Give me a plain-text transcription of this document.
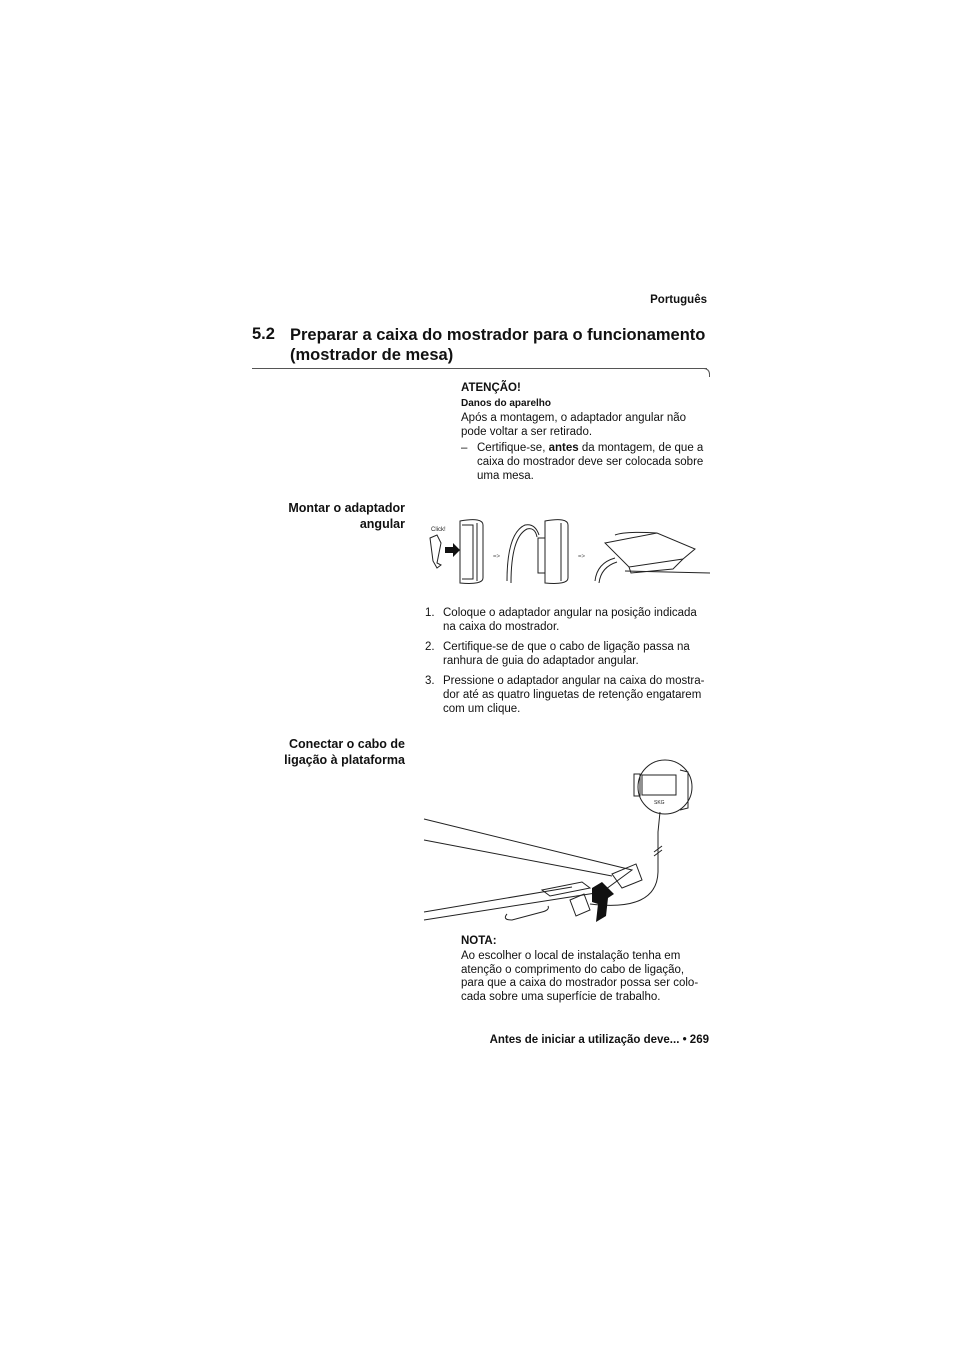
Português
5.2 Preparar a caixa do mostrador para o funcionamento
(mostrador de mesa)
ATENÇÃO!
Danos do aparelho
Após a montagem, o adaptador angular não
pode voltar a ser retirado.
– Certifique-se, antes da montagem, de que a
caixa do mostrador deve ser colocada sobre
uma mesa.
Montar o adaptador
angular	Click!
=>	=>
1. Coloque o adaptador angular na posição indicada
na caixa do mostrador.
2. Certifique-se de que o cabo de ligação passa na
ranhura de guia do adaptador angular.
3. Pressione o adaptador angular na caixa do mostra-
dor até as quatro linguetas de retenção engatarem
com um clique.
Conectar o cabo de
ligação à plataforma
SKG
NOTA:
Ao escolher o local de instalação tenha em
atenção o comprimento do cabo de ligação,
para que a caixa do mostrador possa ser colo-
cada sobre uma superfície de trabalho.
Antes de iniciar a utilização deve... • 269
